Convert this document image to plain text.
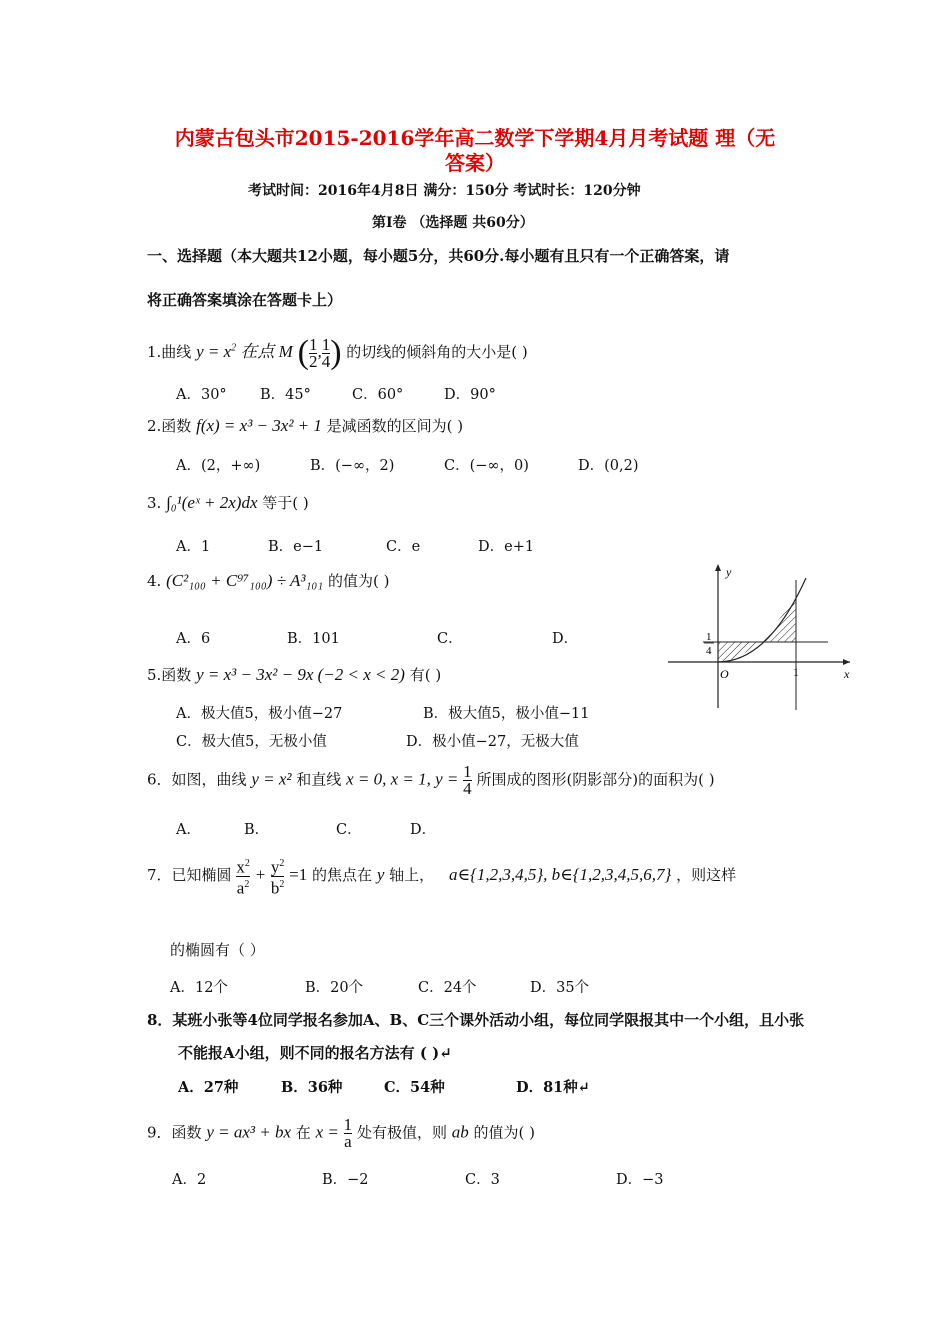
内蒙古包头市2015-2016学年高二数学下学期4月月考试题 理（无
答案）
考试时间：2016年4月8日 满分：150分 考试时长：120分钟
第Ⅰ卷 （选择题 共60分）
一、选择题（本大题共12小题，每小题5分，共60分.每小题有且只有一个正确答案，请
将正确答案填涂在答题卡上）
1.曲线 $y = x^2$ 在点 M ( $\frac{1}{2}$ , $\frac{1}{4}$ ) 的切线的倾斜角的大小是( )
A．30° B．45°	C．60°	D．90°
2.函数 f(x) = x³ − 3x² + 1 是减函数的区间为( )
A．(2，+∞)	B．(−∞，2)	C．(−∞，0)	D．(0,2)
3. ∫₀¹(eˣ + 2x)dx 等于( )
A．1	B．e−1	C．e	D．e+1
4. (C²₁₀₀ + C⁹⁷₁₀₀) ÷ A³₁₀₁ 的值为( )
A．6	B．101	C．	D．
5.函数 y = x³ − 3x² − 9x (−2 < x < 2) 有( )
A．极大值5，极小值−27	B．极大值5，极小值−11
C．极大值5，无极小值	D．极小值−27，无极大值
6．如图，曲线 y = x² 和直线 x = 0, x = 1, $y = \frac{1}{4}$ 所围成的图形(阴影部分)的面积为( )
A．	B．	C．	D．
7．已知椭圆 $\frac{x^2}{a^2} + \frac{y^2}{b^2} =1$ 的焦点在 y 轴上， a∈{1,2,3,4,5}, b∈{1,2,3,4,5,6,7} ，则这样
的椭圆有（ ）
A．12个	B．20个	C．24个	D．35个
8．某班小张等4位同学报名参加A、B、C三个课外活动小组，每位同学限报其中一个小组，且小张
不能报A小组，则不同的报名方法有 ( )↵
A．27种	B．36种	C．54种	D．81种↵
9．函数 y = ax³ + bx 在 $x = \frac{1}{a}$ 处有极值，则 ab 的值为( )
A．2	B．−2	C．3	D．−3
y
x
O	1
1
4
